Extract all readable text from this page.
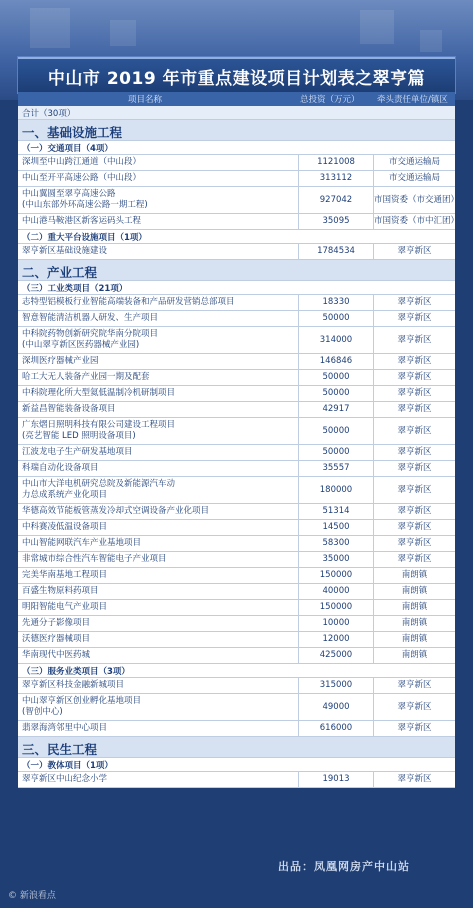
中山市 2019 年市重点建设项目计划表之翠亨篇
项目名称	总投资（万元） 牵头责任单位/镇区
合计（30项）
一、基础设施工程
（一）交通项目（4项）
深圳至中山跨江通道（中山段）	1121008	市交通运输局
中山至开平高速公路（中山段）	313112	市交通运输局
中山翼圆至翠亨高速公路
(中山东部外环高速公路一期工程)
927042	市国资委（市交通团）
中山港马鞍港区新客运码头工程	35095	市国资委（市中汇团）
（二）重大平台设施项目（1项）
翠亨新区基础设施建设	1784534	翠亨新区
二、产业工程
（三）工业类项目（21项）
志特型铝模板行业智能高端装备和产品研发营销总部项目	18330	翠亨新区
智意智能清洁机器人研发、生产项目	50000	翠亨新区
中科院药物创新研究院华南分院项目
(中山翠亨新区医药器械产业园)
314000	翠亨新区
深圳医疗器械产业园	146846	翠亨新区
哈工大无人装备产业园一期及配套	50000	翠亨新区
中科院理化所大型氦低温制冷机研制项目	50000	翠亨新区
新益昌智能装备设备项目	42917	翠亨新区
广东熠日照明科技有限公司建设工程项目
(亮艺智能 LED 照明设备项目)
50000	翠亨新区
江波龙电子生产研发基地项目	50000	翠亨新区
科瑞自动化设备项目	35557	翠亨新区
中山市大洋电机研究总院及新能源汽车动
力总成系统产业化项目
180000	翠亨新区
华德高效节能板管蒸发冷却式空调设备产业化项目	51314	翠亨新区
中科赛凌低温设备项目	14500	翠亨新区
中山智能网联汽车产业基地项目	58300	翠亨新区
非常城市综合性汽车智能电子产业项目	35000	翠亨新区
完美华南基地工程项目	150000	南朗镇
百盛生物原料药项目	40000	南朗镇
明阳智能电气产业项目	150000	南朗镇
先通分子影像项目	10000	南朗镇
沃德医疗器械项目	12000	南朗镇
华南现代中医药城	425000	南朗镇
（三）服务业类项目（3项）
翠亨新区科技金融新城项目	315000	翠亨新区
中山翠亨新区创业孵化基地项目
(智创中心)
49000	翠亨新区
翡翠海湾邻里中心项目	616000	翠亨新区
三、民生工程
（一）教体项目（1项）
翠亨新区中山纪念小学	19013	翠亨新区
出品：凤凰网房产中山站
© 新浪看点
